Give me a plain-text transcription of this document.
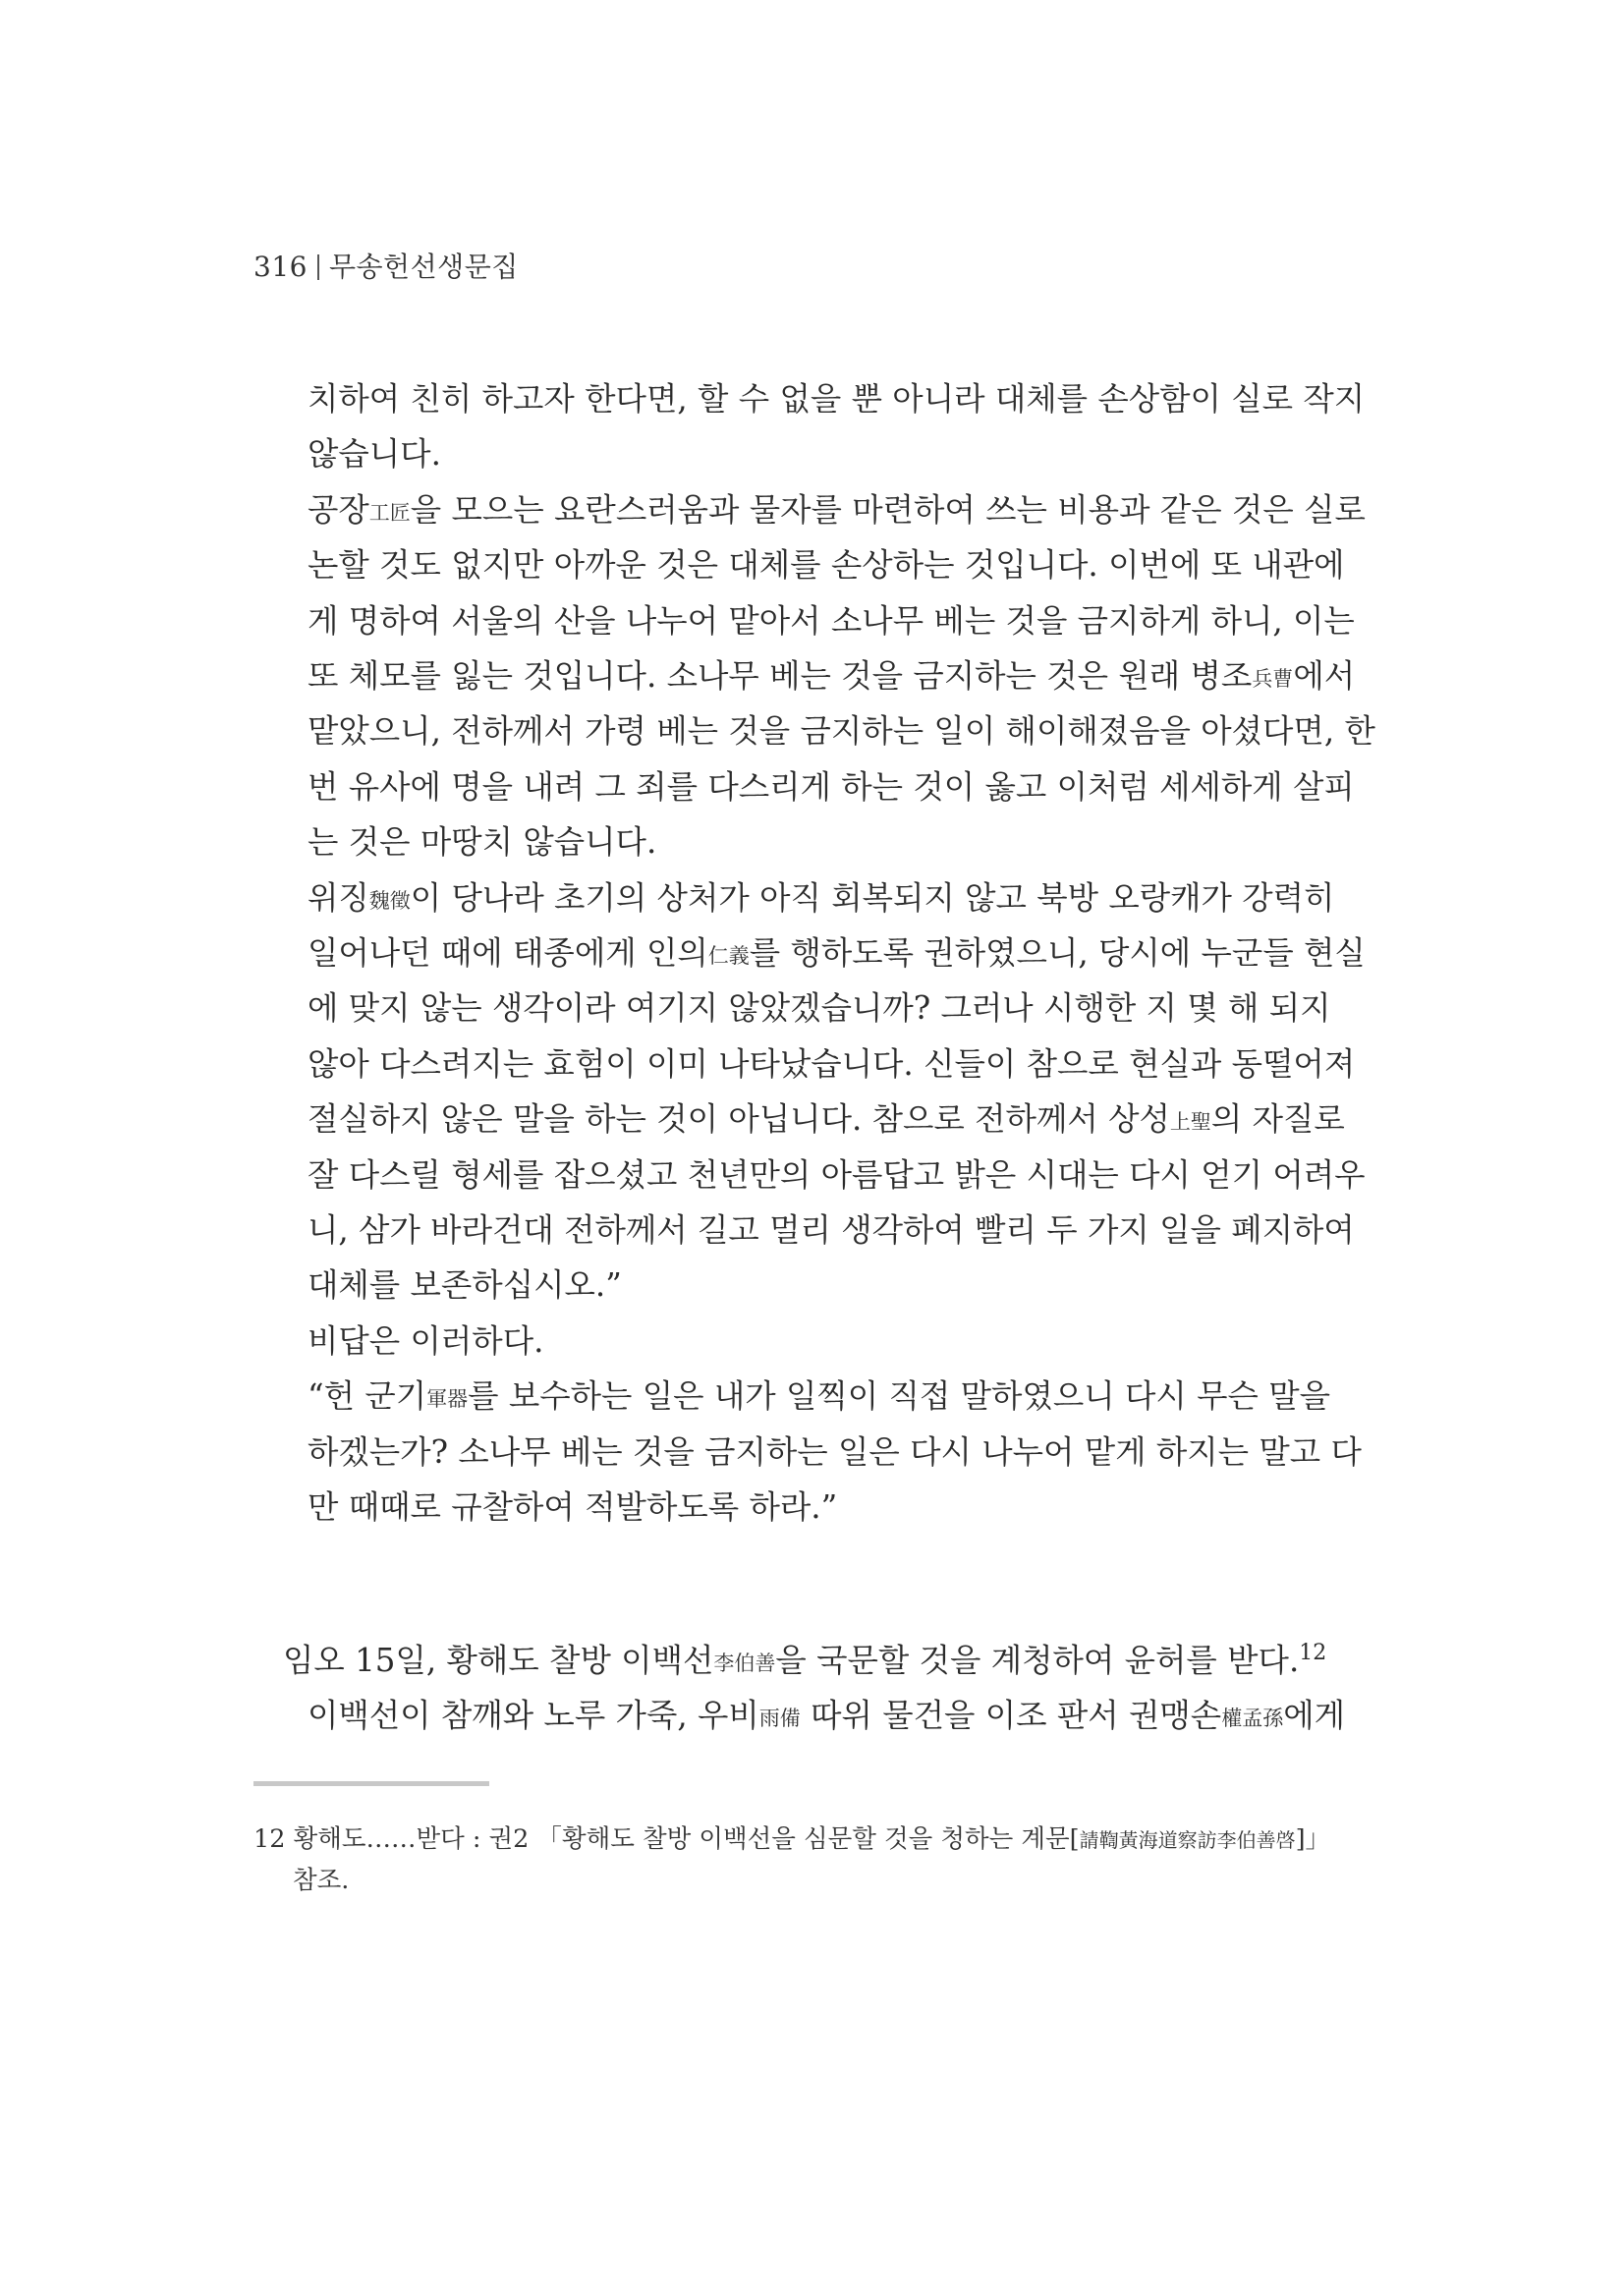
316 무송헌선생문집
치하여 친히 하고자 한다면, 할 수 없을 뿐 아니라 대체를 손상함이 실로 작지
않습니다.
공장工匠을 모으는 요란스러움과 물자를 마련하여 쓰는 비용과 같은 것은 실로
논할 것도 없지만 아까운 것은 대체를 손상하는 것입니다. 이번에 또 내관에
게 명하여 서울의 산을 나누어 맡아서 소나무 베는 것을 금지하게 하니, 이는
또 체모를 잃는 것입니다. 소나무 베는 것을 금지하는 것은 원래 병조兵曹에서
맡았으니, 전하께서 가령 베는 것을 금지하는 일이 해이해졌음을 아셨다면, 한
번 유사에 명을 내려 그 죄를 다스리게 하는 것이 옳고 이처럼 세세하게 살피
는 것은 마땅치 않습니다.
위징魏徵이 당나라 초기의 상처가 아직 회복되지 않고 북방 오랑캐가 강력히
일어나던 때에 태종에게 인의仁義를 행하도록 권하였으니, 당시에 누군들 현실
에 맞지 않는 생각이라 여기지 않았겠습니까? 그러나 시행한 지 몇 해 되지
않아 다스려지는 효험이 이미 나타났습니다. 신들이 참으로 현실과 동떨어져
절실하지 않은 말을 하는 것이 아닙니다. 참으로 전하께서 상성上聖의 자질로
잘 다스릴 형세를 잡으셨고 천년만의 아름답고 밝은 시대는 다시 얻기 어려우
니, 삼가 바라건대 전하께서 길고 멀리 생각하여 빨리 두 가지 일을 폐지하여
대체를 보존하십시오.”
비답은 이러하다.
“헌 군기軍器를 보수하는 일은 내가 일찍이 직접 말하였으니 다시 무슨 말을
하겠는가? 소나무 베는 것을 금지하는 일은 다시 나누어 맡게 하지는 말고 다
만 때때로 규찰하여 적발하도록 하라.”
임오 15일, 황해도 찰방 이백선李伯善을 국문할 것을 계청하여 윤허를 받다.$^{12}$
이백선이 참깨와 노루 가죽, 우비雨備 따위 물건을 이조 판서 권맹손權孟孫에게
12 황해도……받다 : 권2 「황해도 찰방 이백선을 심문할 것을 청하는 계문[請鞫黃海道察訪李伯善啓]」
참조.
